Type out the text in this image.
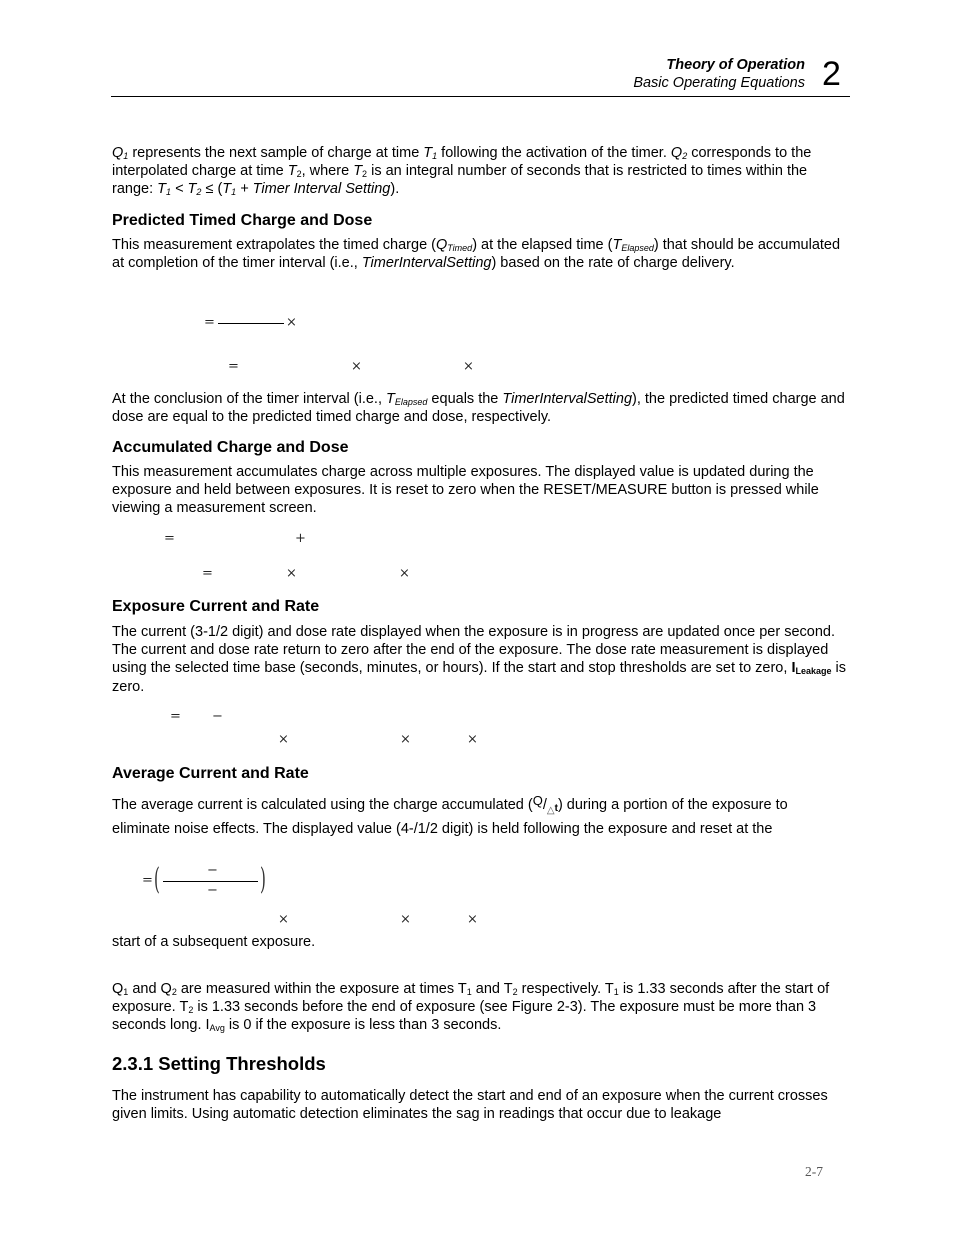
Theory of Operation
Basic Operating Equations 2

$Q_1$ represents the next sample of charge at time $T_1$ following the activation of the timer. $Q_2$ corresponds to the interpolated charge at time $T_2$, where $T_2$ is an integral number of seconds that is restricted to times within the range: $T_1 < T_2 \le (T_1$ + Timer Interval Setting).

Predicted Timed Charge and Dose

This measurement extrapolates the timed charge $(Q_{Timed})$ at the elapsed time $(T_{Elapsed})$ that should be accumulated at completion of the timer interval (i.e., TimerIntervalSetting) based on the rate of charge delivery.

=	×
=	×	×

At the conclusion of the timer interval (i.e., $T_{Elapsed}$ equals the TimerIntervalSetting), the predicted timed charge and dose are equal to the predicted timed charge and dose, respectively.

Accumulated Charge and Dose
This measurement accumulates charge across multiple exposures. The displayed value is updated during the exposure and held between exposures. It is reset to zero when the RESET/MEASURE button is pressed while viewing a measurement screen.
=	+
=	×	×
Exposure Current and Rate

The current (3-1/2 digit) and dose rate displayed when the exposure is in progress are updated once per second. The current and dose rate return to zero after the end of the exposure. The dose rate measurement is displayed using the selected time base (seconds, minutes, or hours). If the start and stop thresholds are set to zero, $I_{Leakage}$ is zero.

= −
×	×	×
Average Current and Rate

The average current is calculated using the charge accumulated $(Q/_\triangle t)$ during a portion of the exposure to eliminate noise effects. The displayed value (4-/1/2 digit) is held following the exposure and reset at the

= (	−
− )
×	×	×
start of a subsequent exposure.

$Q_1$ and $Q_2$ are measured within the exposure at times $T_1$ and $T_2$ respectively. $T_1$ is 1.33 seconds after the start of exposure. $T_2$ is 1.33 seconds before the end of exposure (see Figure 2-3). The exposure must be more than 3 seconds long. $I_{Avg}$ is 0 if the exposure is less than 3 seconds.

2.3.1 Setting Thresholds
The instrument has capability to automatically detect the start and end of an exposure when the current crosses given limits. Using automatic detection eliminates the sag in readings that occur due to leakage
2-7
